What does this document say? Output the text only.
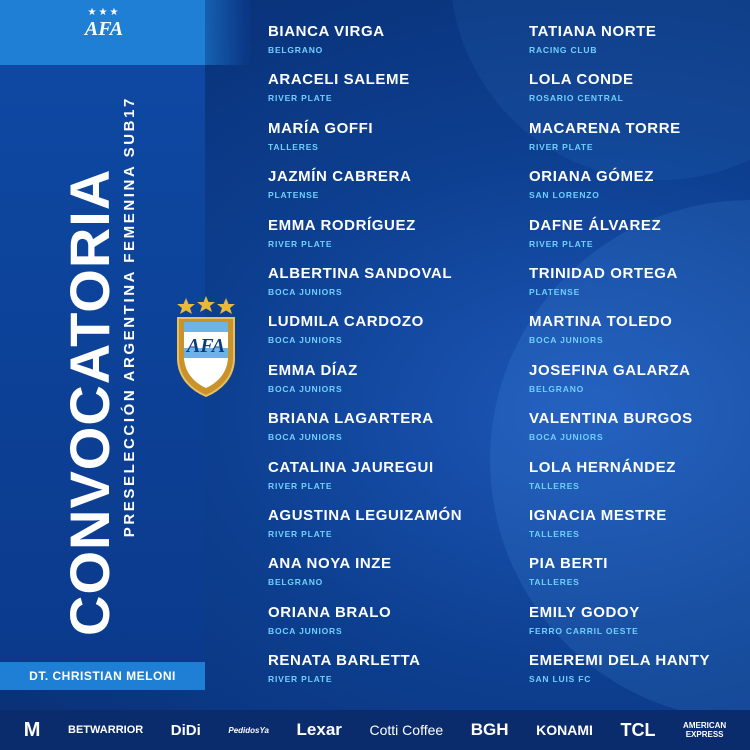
★★★
AFA
CONVOCATORIA PRESELECCIÓN ARGENTINA FEMENINA SUB17 AFA
DT. CHRISTIAN MELONI
BIANCA VIRGA
BELGRANO
ARACELI SALEME
RIVER PLATE
MARÍA GOFFI
TALLERES
JAZMÍN CABRERA
PLATENSE
EMMA RODRÍGUEZ
RIVER PLATE
ALBERTINA SANDOVAL
BOCA JUNIORS
LUDMILA CARDOZO
BOCA JUNIORS
EMMA DÍAZ
BOCA JUNIORS
BRIANA LAGARTERA
BOCA JUNIORS
CATALINA JAUREGUI
RIVER PLATE
AGUSTINA LEGUIZAMÓN
RIVER PLATE
ANA NOYA INZE
BELGRANO
ORIANA BRALO
BOCA JUNIORS
RENATA BARLETTA
RIVER PLATE
TATIANA NORTE
RACING CLUB
LOLA CONDE
ROSARIO CENTRAL
MACARENA TORRE
RIVER PLATE
ORIANA GÓMEZ
SAN LORENZO
DAFNE ÁLVAREZ
RIVER PLATE
TRINIDAD ORTEGA
PLATENSE
MARTINA TOLEDO
BOCA JUNIORS
JOSEFINA GALARZA
BELGRANO
VALENTINA BURGOS
BOCA JUNIORS
LOLA HERNÁNDEZ
TALLERES
IGNACIA MESTRE
TALLERES
PIA BERTI
TALLERES
EMILY GODOY
FERRO CARRIL OESTE
EMEREMI DELA HANTY
SAN LUIS FC
M	BETWARRIOR DiDi	PedidosYa Lexar Cotti Coffee BGH KONAMI TCL	AMERICAN
EXPRESS
